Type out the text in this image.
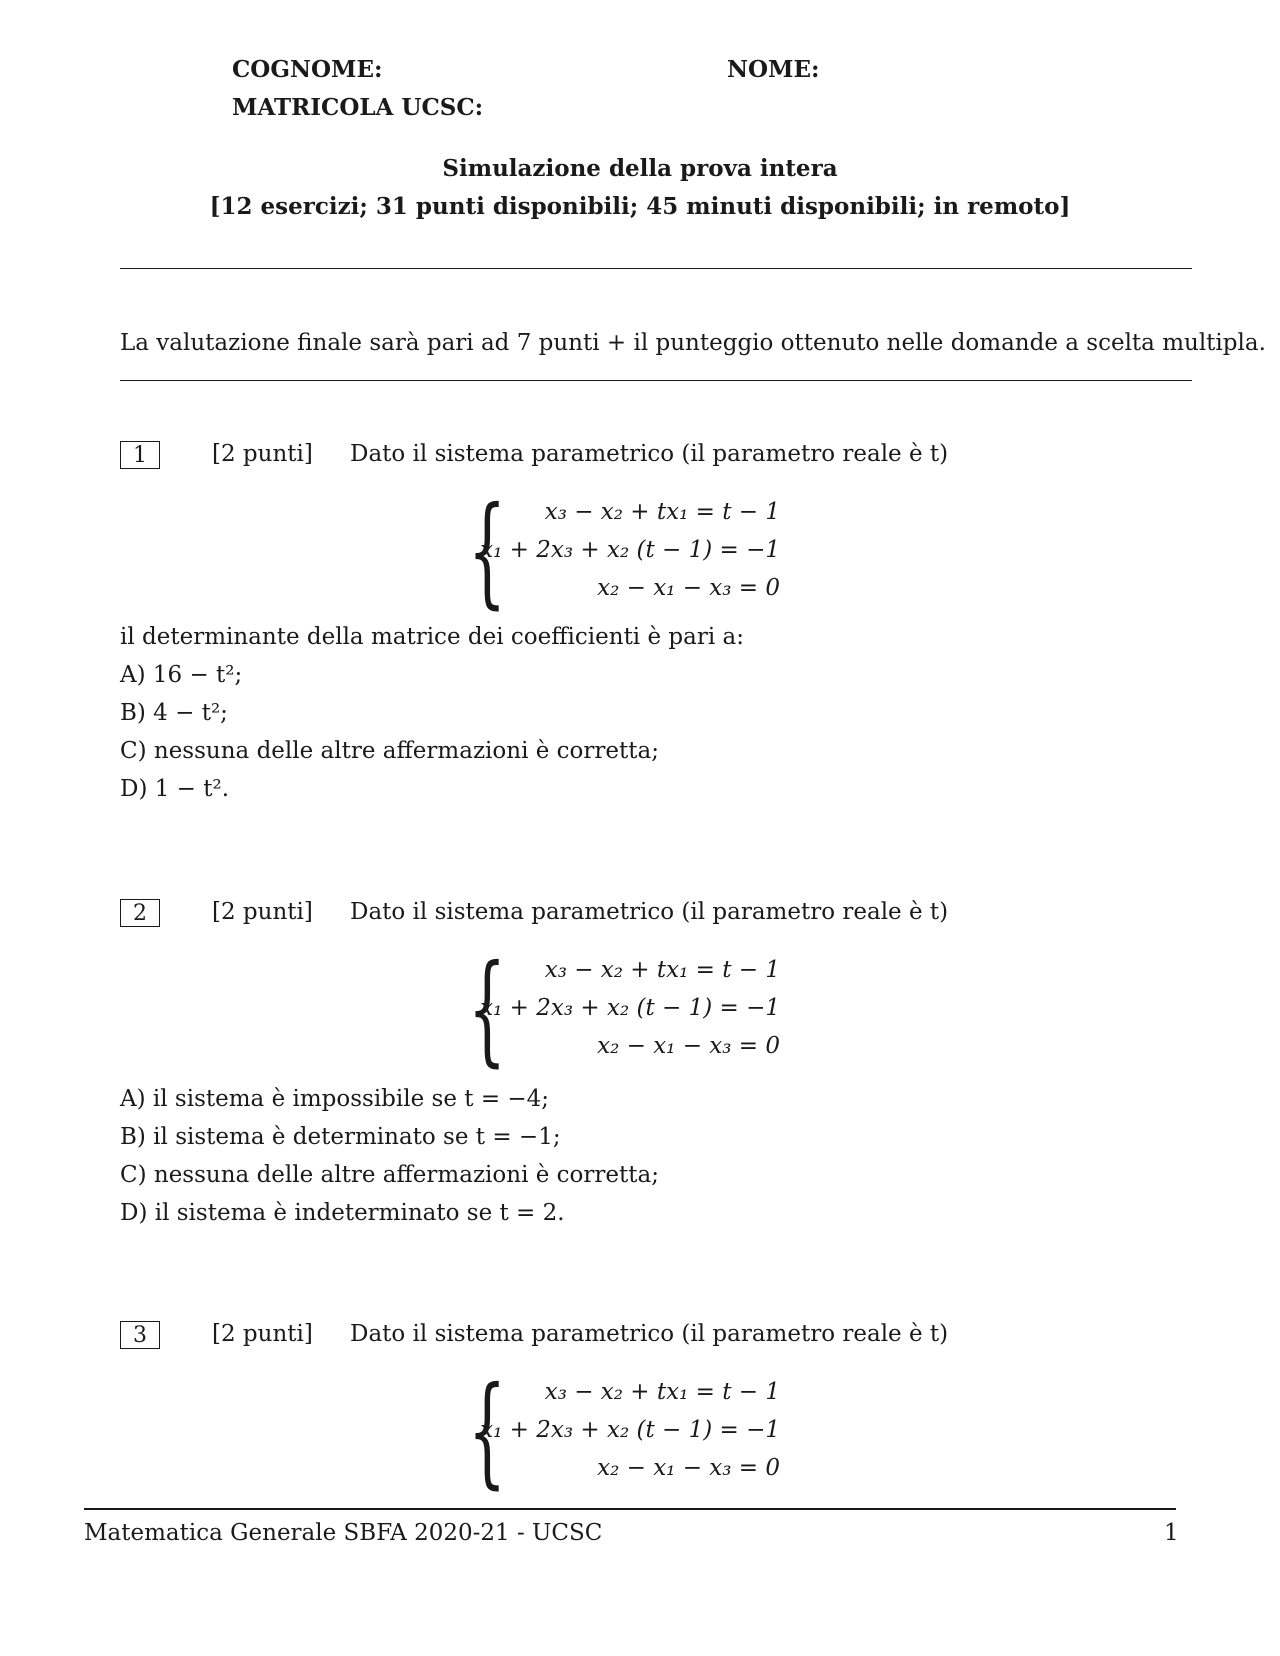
COGNOME:	NOME:
MATRICOLA UCSC:
Simulazione della prova intera
[12 esercizi; 31 punti disponibili; 45 minuti disponibili; in remoto]
La valutazione finale sarà pari ad 7 punti + il punteggio ottenuto nelle domande a scelta multipla.
1	[2 punti] Dato il sistema parametrico (il parametro reale è t)
{	x₃ − x₂ + tx₁ = t − 1
x₁ + 2x₃ + x₂ (t − 1) = −1
x₂ − x₁ − x₃ = 0
il determinante della matrice dei coefficienti è pari a:
A) 16 − t²;
B) 4 − t²;
C) nessuna delle altre affermazioni è corretta;
D) 1 − t².
2	[2 punti] Dato il sistema parametrico (il parametro reale è t)
{	x₃ − x₂ + tx₁ = t − 1
x₁ + 2x₃ + x₂ (t − 1) = −1
x₂ − x₁ − x₃ = 0
A) il sistema è impossibile se t = −4;
B) il sistema è determinato se t = −1;
C) nessuna delle altre affermazioni è corretta;
D) il sistema è indeterminato se t = 2.
3	[2 punti] Dato il sistema parametrico (il parametro reale è t)
{	x₃ − x₂ + tx₁ = t − 1
x₁ + 2x₃ + x₂ (t − 1) = −1
x₂ − x₁ − x₃ = 0
Matematica Generale SBFA 2020-21 - UCSC	1
